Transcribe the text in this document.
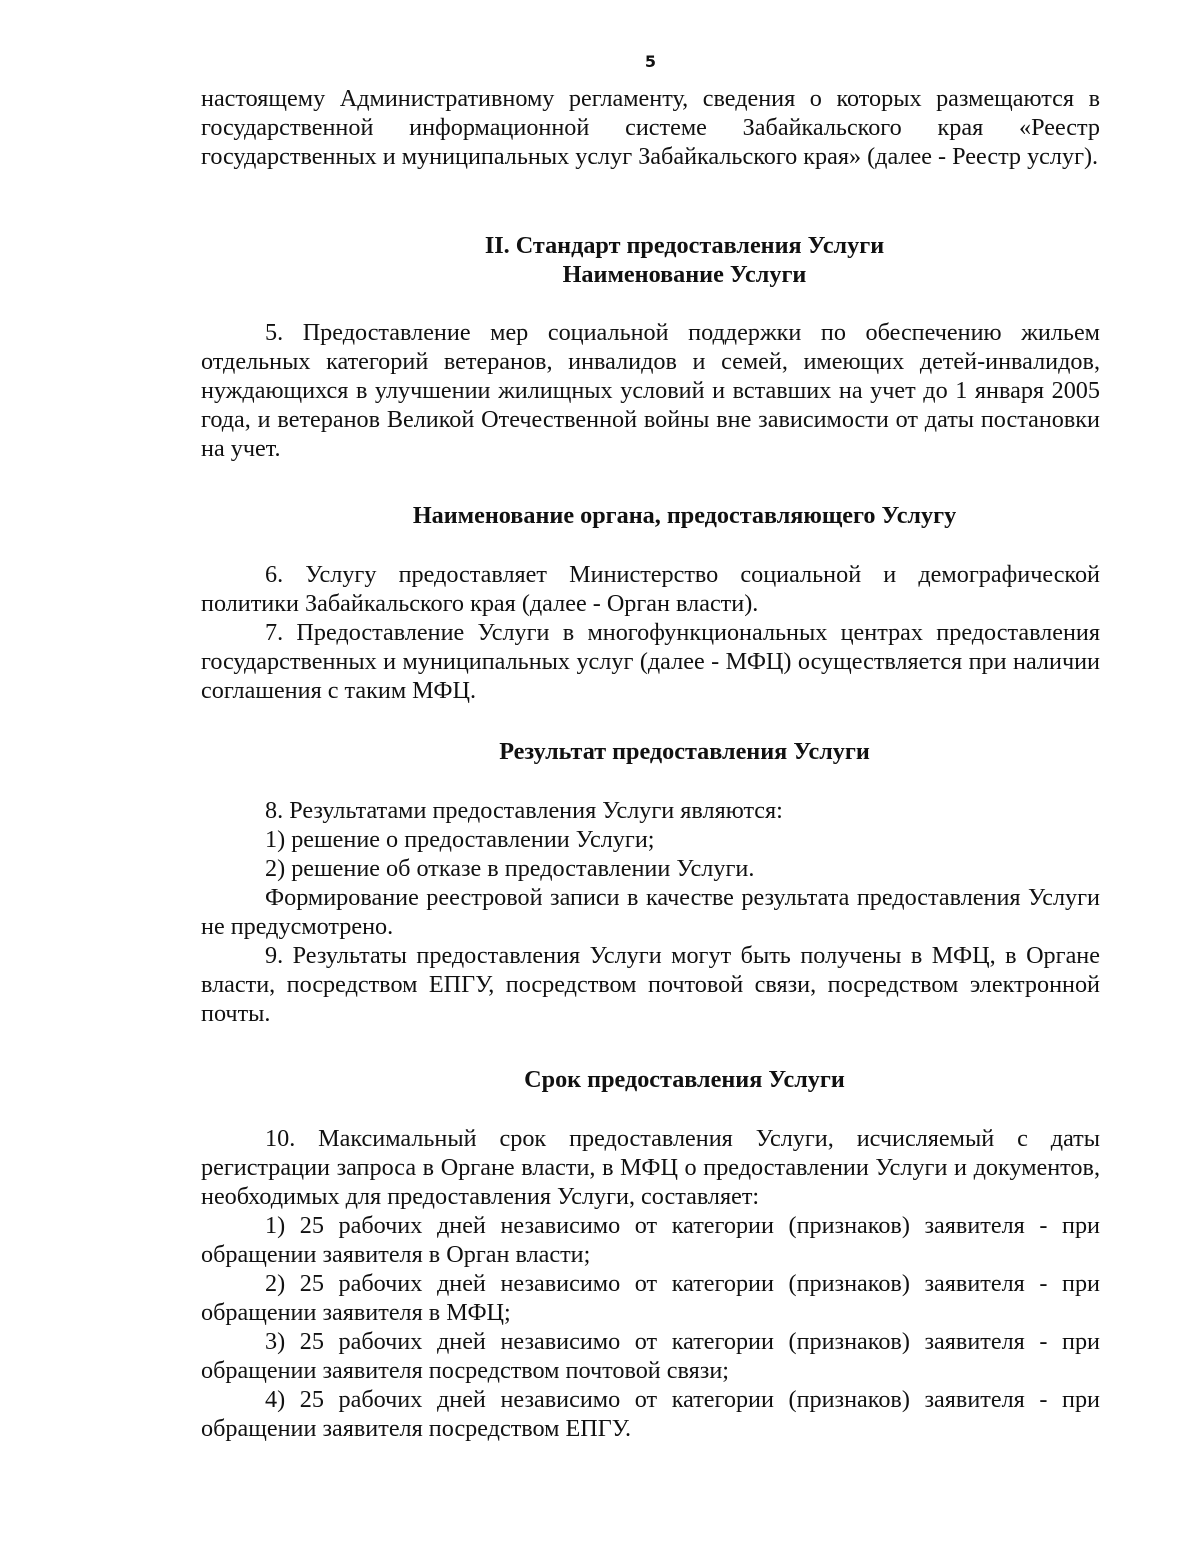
5

настоящему Административному регламенту, сведения о которых размещаются в государственной информационной системе Забайкальского края «Реестр государственных и муниципальных услуг Забайкальского края» (далее - Реестр услуг).

II. Стандарт предоставления Услуги
Наименование Услуги

5. Предоставление мер социальной поддержки по обеспечению жильем отдельных категорий ветеранов, инвалидов и семей, имеющих детей-инвалидов, нуждающихся в улучшении жилищных условий и вставших на учет до 1 января 2005 года, и ветеранов Великой Отечественной войны вне зависимости от даты постановки на учет.

Наименование органа, предоставляющего Услугу

6. Услугу предоставляет Министерство социальной и демографической политики Забайкальского края (далее - Орган власти).

7. Предоставление Услуги в многофункциональных центрах предоставления государственных и муниципальных услуг (далее - МФЦ) осуществляется при наличии соглашения с таким МФЦ.

Результат предоставления Услуги

8. Результатами предоставления Услуги являются:

1) решение о предоставлении Услуги;

2) решение об отказе в предоставлении Услуги.

Формирование реестровой записи в качестве результата предоставления Услуги не предусмотрено.

9. Результаты предоставления Услуги могут быть получены в МФЦ, в Органе власти, посредством ЕПГУ, посредством почтовой связи, посредством электронной почты.

Срок предоставления Услуги

10. Максимальный срок предоставления Услуги, исчисляемый с даты регистрации запроса в Органе власти, в МФЦ о предоставлении Услуги и документов, необходимых для предоставления Услуги, составляет:

1) 25 рабочих дней независимо от категории (признаков) заявителя - при обращении заявителя в Орган власти;

2) 25 рабочих дней независимо от категории (признаков) заявителя - при обращении заявителя в МФЦ;

3) 25 рабочих дней независимо от категории (признаков) заявителя - при обращении заявителя посредством почтовой связи;

4) 25 рабочих дней независимо от категории (признаков) заявителя - при обращении заявителя посредством ЕПГУ.
